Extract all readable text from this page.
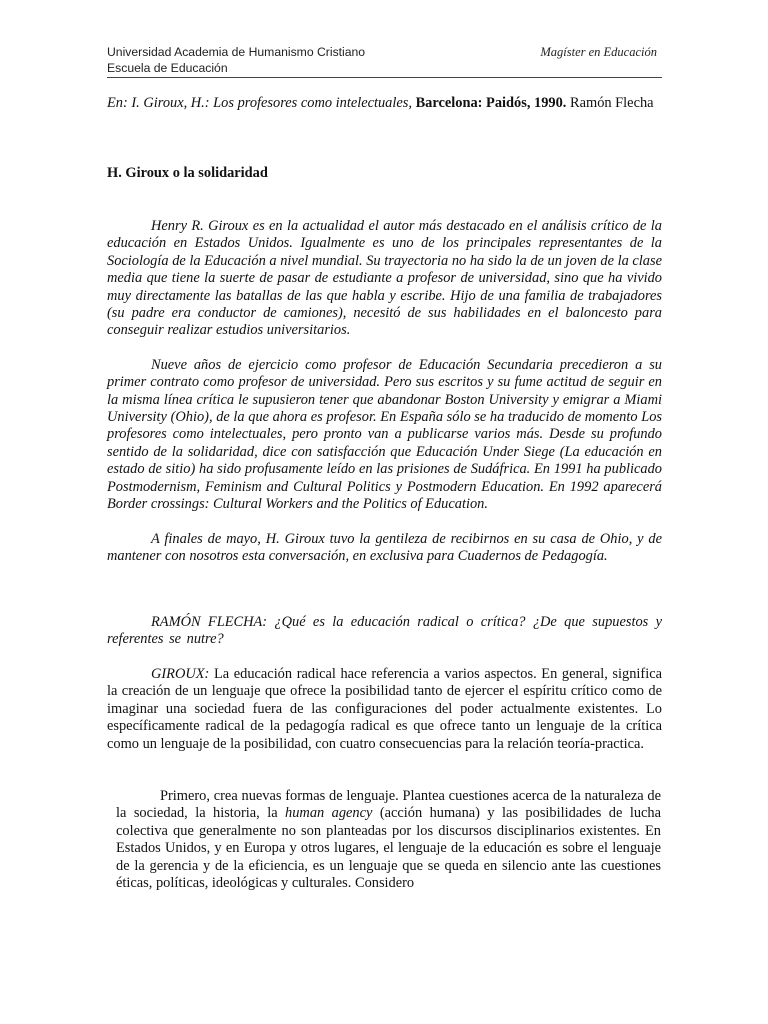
Universidad Academia de Humanismo Cristiano
Escuela de Educación
Magíster en Educación
En: I. Giroux, H.: Los profesores como intelectuales, Barcelona: Paidós, 1990. Ramón Flecha
H. Giroux o la solidaridad

Henry R. Giroux es en la actualidad el autor más destacado en el análisis crítico de la educación en Estados Unidos. Igualmente es uno de los principales representantes de la Sociología de la Educación a nivel mundial. Su trayectoria no ha sido la de un joven de la clase media que tiene la suerte de pasar de estudiante a profesor de universidad, sino que ha vivido muy directamente las batallas de las que habla y escribe. Hijo de una familia de trabajadores (su padre era conductor de camiones), necesitó de sus habilidades en el baloncesto para conseguir realizar estudios universitarios.

Nueve años de ejercicio como profesor de Educación Secundaria precedieron a su primer contrato como profesor de universidad. Pero sus escritos y su fume actitud de seguir en la misma línea crítica le supusieron tener que abandonar Boston University y emigrar a Miami University (Ohio), de la que ahora es profesor. En España sólo se ha traducido de momento Los profesores como intelectuales, pero pronto van a publicarse varios más. Desde su profundo sentido de la solidaridad, dice con satisfacción que Educación Under Siege (La educación en estado de sitio) ha sido profusamente leído en las prisiones de Sudáfrica. En 1991 ha publicado Postmodernism, Feminism and Cultural Politics y Postmodern Education. En 1992 aparecerá Border crossings: Cultural Workers and the Politics of Education.

A finales de mayo, H. Giroux tuvo la gentileza de recibirnos en su casa de Ohio, y de mantener con nosotros esta conversación, en exclusiva para Cuadernos de Pedagogía.

RAMÓN FLECHA: ¿Qué es la educación radical o crítica? ¿De que supuestos y referentes se nutre?

GIROUX: La educación radical hace referencia a varios aspectos. En general, significa la creación de un lenguaje que ofrece la posibilidad tanto de ejercer el espíritu crítico como de imaginar una sociedad fuera de las configuraciones del poder actualmente existentes. Lo específicamente radical de la pedagogía radical es que ofrece tanto un lenguaje de la crítica como un lenguaje de la posibilidad, con cuatro consecuencias para la relación teoría-practica.

Primero, crea nuevas formas de lenguaje. Plantea cuestiones acerca de la naturaleza de la sociedad, la historia, la human agency (acción humana) y las posibilidades de lucha colectiva que generalmente no son planteadas por los discursos disciplinarios existentes. En Estados Unidos, y en Europa y otros lugares, el lenguaje de la educación es sobre el lenguaje de la gerencia y de la eficiencia, es un lenguaje que se queda en silencio ante las cuestiones éticas, políticas, ideológicas y culturales. Considero
